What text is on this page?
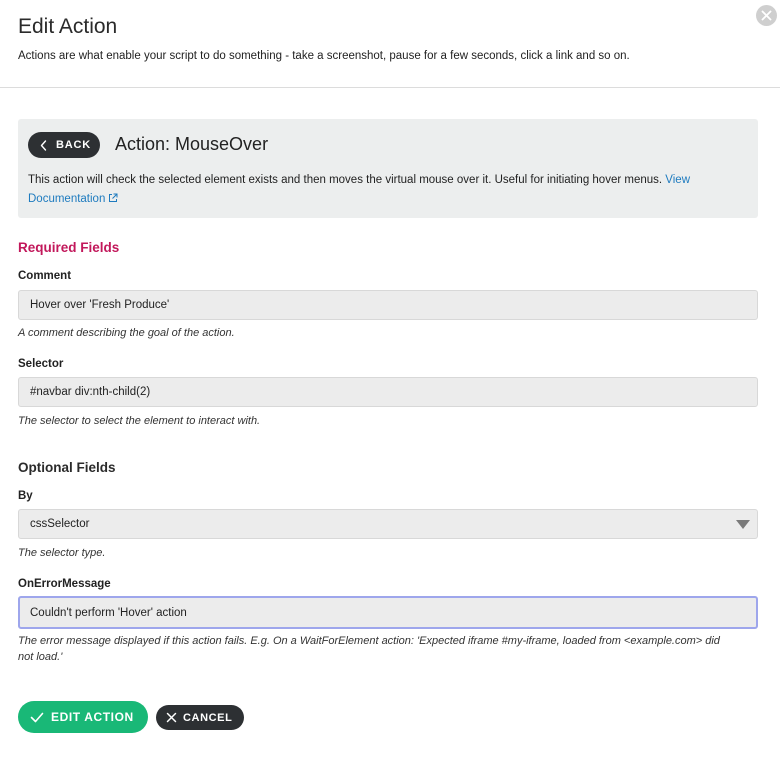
Edit Action

Actions are what enable your script to do something - take a screenshot, pause for a few seconds, click a link and so on.

BACK Action: MouseOver
This action will check the selected element exists and then moves the virtual mouse over it. Useful for initiating hover menus. View Documentation
Required Fields
Comment
Hover over 'Fresh Produce'
A comment describing the goal of the action.
Selector
#navbar div:nth-child(2)
The selector to select the element to interact with.
Optional Fields
By
cssSelector
The selector type.
OnErrorMessage
Couldn't perform 'Hover' action
The error message displayed if this action fails. E.g. On a WaitForElement action: 'Expected iframe #my-iframe, loaded from <example.com> did not load.'
EDIT ACTION	CANCEL
